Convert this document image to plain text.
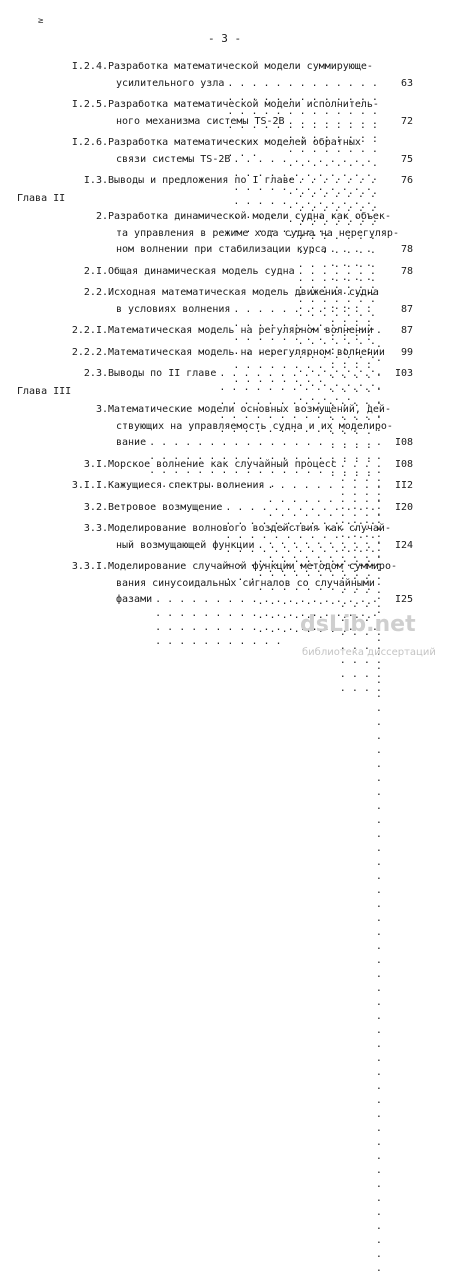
≥
- 3 -
I.2.4. Разработка математической модели суммирующе-
усилительного узла . . .	63
I.2.5. Разработка математической модели исполнитель-
ного механизма системы TS-2В . . .	72
I.2.6. Разработка математических моделей обратных
связи системы TS-2В . . .	75
I.3. Выводы и предложения по I главе . . .	76
Глава II
2. Разработка динамической модели судна как объек-
та управления в режиме хода судна на нерегуляр-
ном волнении при стабилизации курса . . .	78
2.I. Общая динамическая модель судна . . .	78
2.2. Исходная математическая модель движения судна
в условиях волнения . . .	87
2.2.I. Математическая модель на регулярном волнении . . .	87
2.2.2. Математическая модель на нерегулярном волнении	99
2.3. Выводы по II главе . . .	I03
Глава III
3. Математические модели основных возмущений, дей-
ствующих на управляемость судна и их моделиро-
вание . . .	I08
3.I. Морское волнение как случайный процесс . . .	I08
3.I.I. Кажущиеся спектры волнения . . .	II2
3.2. Ветровое возмущение . . .	I20
3.3. Моделирование волнового воздействия как случай-
ный возмущающей функции . . .	I24
3.3.I. Моделирование случайной функции методом суммиро-
вания синусоидальных сигналов со случайными
фазами . . .	I25
dsLib.net
библиотека диссертаций
